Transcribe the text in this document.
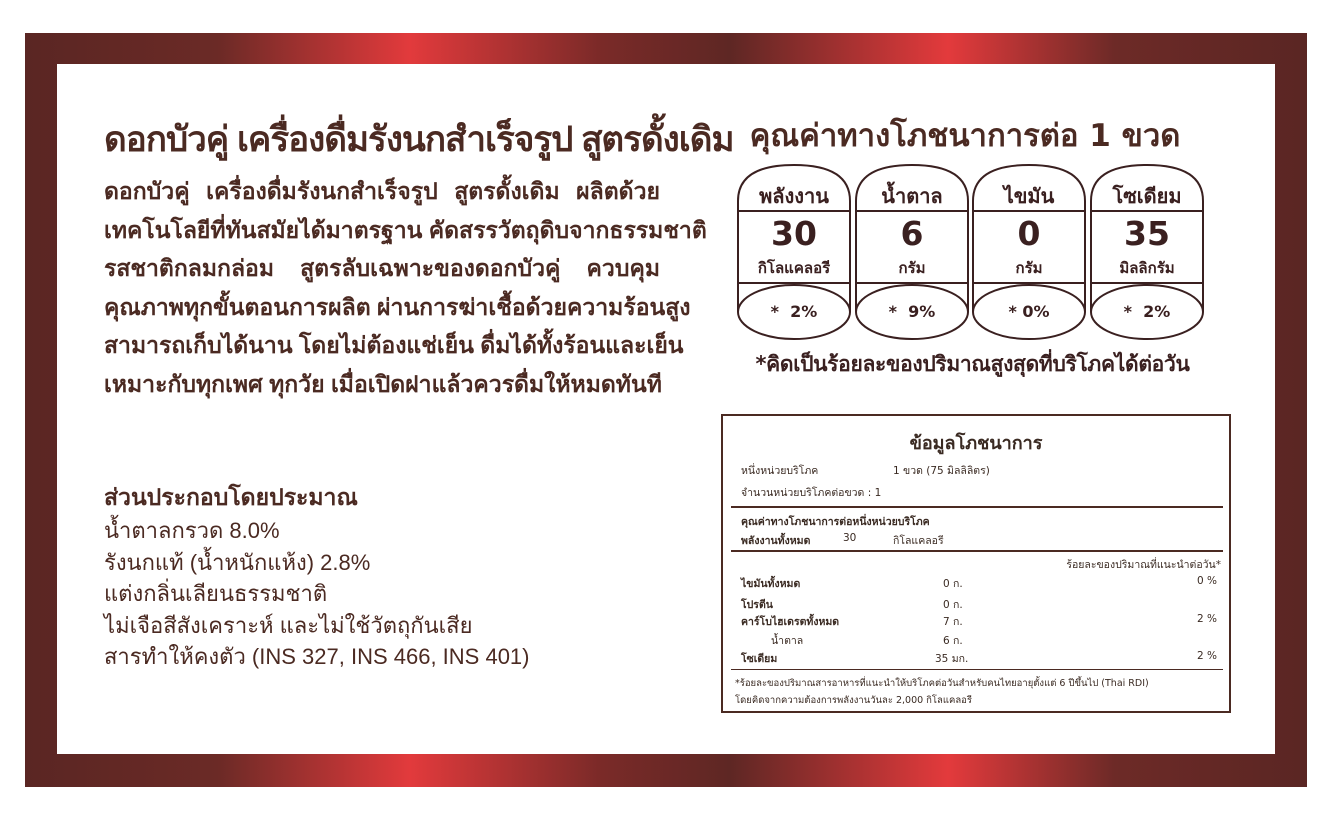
ดอกบัวคู่ เครื่องดื่มรังนกสำเร็จรูป สูตรดั้งเดิม
ดอกบัวคู่ เครื่องดื่มรังนกสำเร็จรูป สูตรดั้งเดิม ผลิตด้วย
เทคโนโลยีที่ทันสมัยได้มาตรฐาน คัดสรรวัตถุดิบจากธรรมชาติ
รสชาติกลมกล่อม สูตรลับเฉพาะของดอกบัวคู่ ควบคุม
คุณภาพทุกขั้นตอนการผลิต ผ่านการฆ่าเชื้อด้วยความร้อนสูง
สามารถเก็บได้นาน โดยไม่ต้องแช่เย็น ดื่มได้ทั้งร้อนและเย็น
เหมาะกับทุกเพศ ทุกวัย เมื่อเปิดฝาแล้วควรดื่มให้หมดทันที
ส่วนประกอบโดยประมาณ
น้ำตาลกรวด 8.0%
รังนกแท้ (น้ำหนักแห้ง) 2.8%
แต่งกลิ่นเลียนธรรมชาติ
ไม่เจือสีสังเคราะห์ และไม่ใช้วัตถุกันเสีย
สารทำให้คงตัว (INS 327, INS 466, INS 401)
คุณค่าทางโภชนาการต่อ 1 ขวด
พลังงาน
30
กิโลแคลอรี
*  2%
น้ำตาล
6
กรัม
*  9%
ไขมัน
0
กรัม
* 0%
โซเดียม
35
มิลลิกรัม
*  2%
*คิดเป็นร้อยละของปริมาณสูงสุดที่บริโภคได้ต่อวัน
ข้อมูลโภชนาการ
หนึ่งหน่วยบริโภค	1 ขวด (75 มิลลิลิตร)
จำนวนหน่วยบริโภคต่อขวด : 1
คุณค่าทางโภชนาการต่อหนึ่งหน่วยบริโภค
พลังงานทั้งหมด	30	กิโลแคลอรี
ร้อยละของปริมาณที่แนะนำต่อวัน*
ไขมันทั้งหมด	0 ก.	0 %
โปรตีน	0 ก.
คาร์โบไฮเดรตทั้งหมด	7 ก.	2 %
น้ำตาล	6 ก.
โซเดียม	35 มก.	2 %
*ร้อยละของปริมาณสารอาหารที่แนะนำให้บริโภคต่อวันสำหรับคนไทยอายุตั้งแต่ 6 ปีขึ้นไป (Thai RDI)
โดยคิดจากความต้องการพลังงานวันละ 2,000 กิโลแคลอรี
